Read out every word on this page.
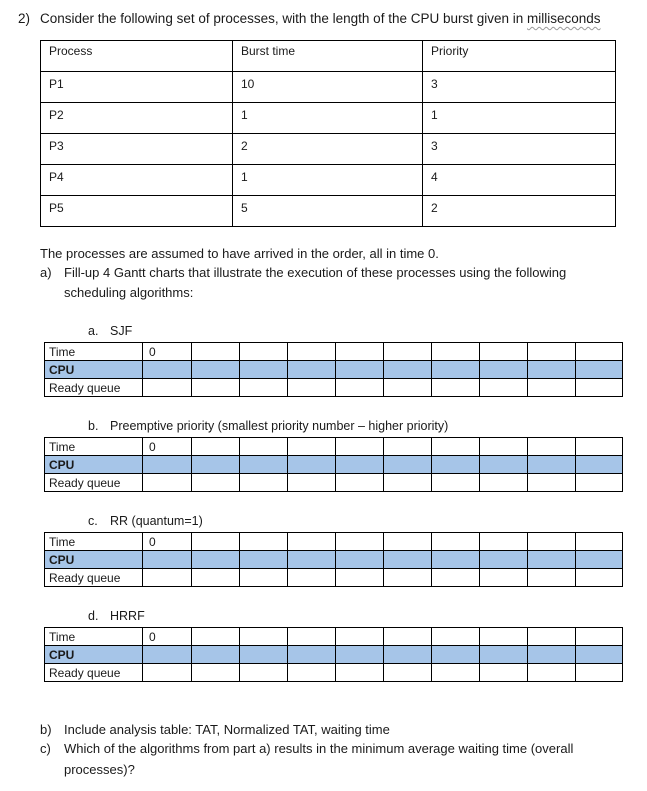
2) Consider the following set of processes, with the length of the CPU burst given in milliseconds
Process	Burst time	Priority
P1	10	3
P2	1	1
P3	2	3
P4	1	4
P5	5	2
The processes are assumed to have arrived in the order, all in time 0.
a) Fill-up 4 Gantt charts that illustrate the execution of these processes using the following
scheduling algorithms:
a. SJF
Time	0									
CPU										
Ready queue										
b. Preemptive priority (smallest priority number – higher priority)
Time	0									
CPU										
Ready queue										
c. RR (quantum=1)
Time	0									
CPU										
Ready queue										
d. HRRF
Time	0									
CPU										
Ready queue										
b) Include analysis table: TAT, Normalized TAT, waiting time
c) Which of the algorithms from part a) results in the minimum average waiting time (overall
processes)?
